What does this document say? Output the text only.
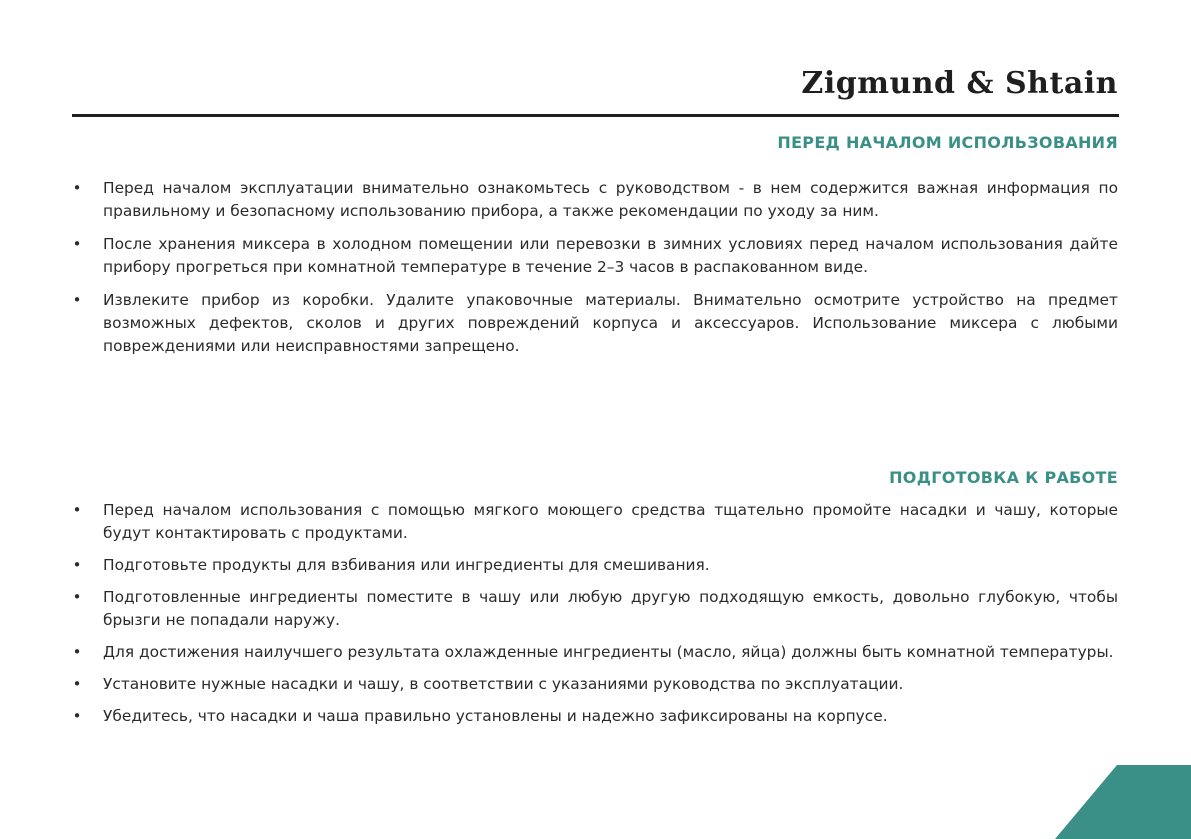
Zigmund & Shtain
ПЕРЕД НАЧАЛОМ ИСПОЛЬЗОВАНИЯ
• Перед началом эксплуатации внимательно ознакомьтесь с руководством - в нем содержится важная информация по правильному и безопасному использованию прибора, а также рекомендации по уходу за ним.
• После хранения миксера в холодном помещении или перевозки в зимних условиях перед началом использования дайте прибору прогреться при комнатной температуре в течение 2–3 часов в распакованном виде.
• Извлеките прибор из коробки. Удалите упаковочные материалы. Внимательно осмотрите устройство на предмет возможных дефектов, сколов и других повреждений корпуса и аксессуаров. Использование миксера с любыми повреждениями или неисправностями запрещено.
ПОДГОТОВКА К РАБОТЕ
• Перед началом использования с помощью мягкого моющего средства тщательно промойте насадки и чашу, которые будут контактировать с продуктами.
• Подготовьте продукты для взбивания или ингредиенты для смешивания.
• Подготовленные ингредиенты поместите в чашу или любую другую подходящую емкость, довольно глубокую, чтобы брызги не попадали наружу.
• Для достижения наилучшего результата охлажденные ингредиенты (масло, яйца) должны быть комнатной температуры.
• Установите нужные насадки и чашу, в соответствии с указаниями руководства по эксплуатации.
• Убедитесь, что насадки и чаша правильно установлены и надежно зафиксированы на корпусе.
